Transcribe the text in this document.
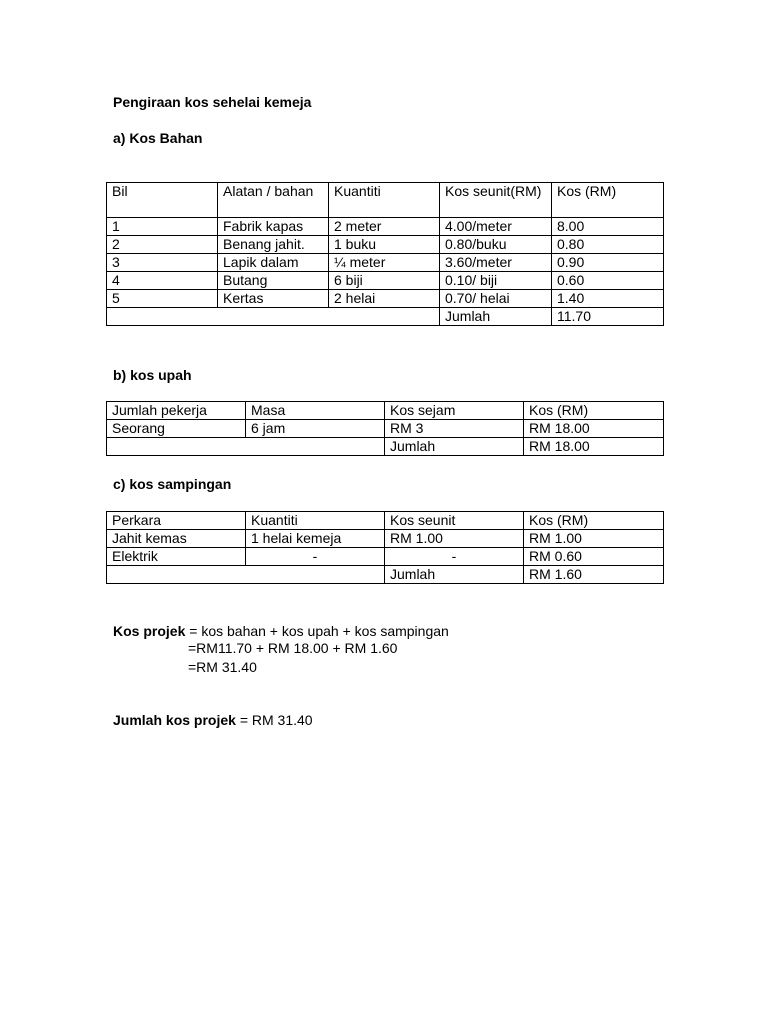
Pengiraan kos sehelai kemeja
a) Kos Bahan
Bil	Alatan / bahan	Kuantiti	Kos seunit(RM)	Kos (RM)
1	Fabrik kapas	2 meter	4.00/meter	8.00
2	Benang jahit.	1 buku	0.80/buku	0.80
3	Lapik dalam	¼ meter	3.60/meter	0.90
4	Butang	6 biji	0.10/ biji	0.60
5	Kertas	2 helai	0.70/ helai	1.40
			Jumlah	11.70
b) kos upah
Jumlah pekerja	Masa	Kos sejam	Kos (RM)
Seorang	6 jam	RM 3	RM 18.00
		Jumlah	RM 18.00
c) kos sampingan
Perkara	Kuantiti	Kos seunit	Kos (RM)
Jahit kemas	1 helai kemeja	RM 1.00	RM 1.00
Elektrik	-	-	RM 0.60
		Jumlah	RM 1.60
Kos projek = kos bahan + kos upah + kos sampingan
=RM11.70 + RM 18.00 + RM 1.60
=RM 31.40
Jumlah kos projek = RM 31.40
